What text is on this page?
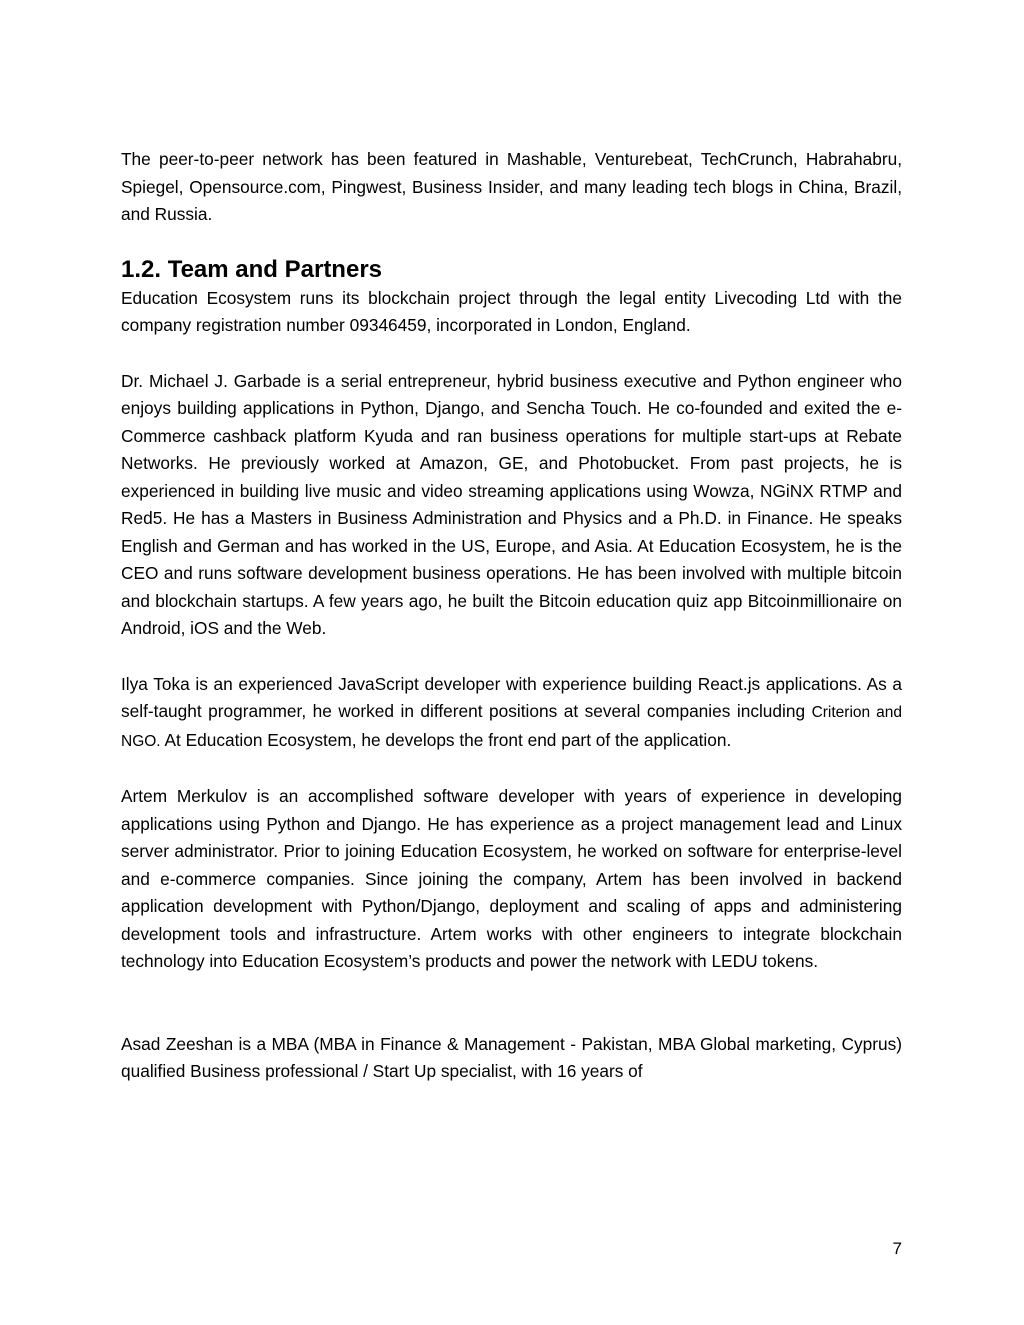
The peer-to-peer network has been featured in Mashable, Venturebeat, TechCrunch, Habrahabru, Spiegel, Opensource.com, Pingwest, Business Insider, and many leading tech blogs in China, Brazil, and Russia.

1.2. Team and Partners

Education Ecosystem runs its blockchain project through the legal entity Livecoding Ltd with the company registration number 09346459, incorporated in London, England.

Dr. Michael J. Garbade is a serial entrepreneur, hybrid business executive and Python engineer who enjoys building applications in Python, Django, and Sencha Touch. He co-founded and exited the e-Commerce cashback platform Kyuda and ran business operations for multiple start-ups at Rebate Networks. He previously worked at Amazon, GE, and Photobucket. From past projects, he is experienced in building live music and video streaming applications using Wowza, NGiNX RTMP and Red5. He has a Masters in Business Administration and Physics and a Ph.D. in Finance. He speaks English and German and has worked in the US, Europe, and Asia. At Education Ecosystem, he is the CEO and runs software development business operations. He has been involved with multiple bitcoin and blockchain startups. A few years ago, he built the Bitcoin education quiz app Bitcoinmillionaire on Android, iOS and the Web.

Ilya Toka is an experienced JavaScript developer with experience building React.js applications. As a self-taught programmer, he worked in different positions at several companies including Criterion and NGO. At Education Ecosystem, he develops the front end part of the application.

Artem Merkulov is an accomplished software developer with years of experience in developing applications using Python and Django. He has experience as a project management lead and Linux server administrator. Prior to joining Education Ecosystem, he worked on software for enterprise-level and e-commerce companies. Since joining the company, Artem has been involved in backend application development with Python/Django, deployment and scaling of apps and administering development tools and infrastructure. Artem works with other engineers to integrate blockchain technology into Education Ecosystem’s products and power the network with LEDU tokens.

Asad Zeeshan is a MBA (MBA in Finance & Management - Pakistan, MBA Global marketing, Cyprus) qualified Business professional / Start Up specialist, with 16 years of

7
